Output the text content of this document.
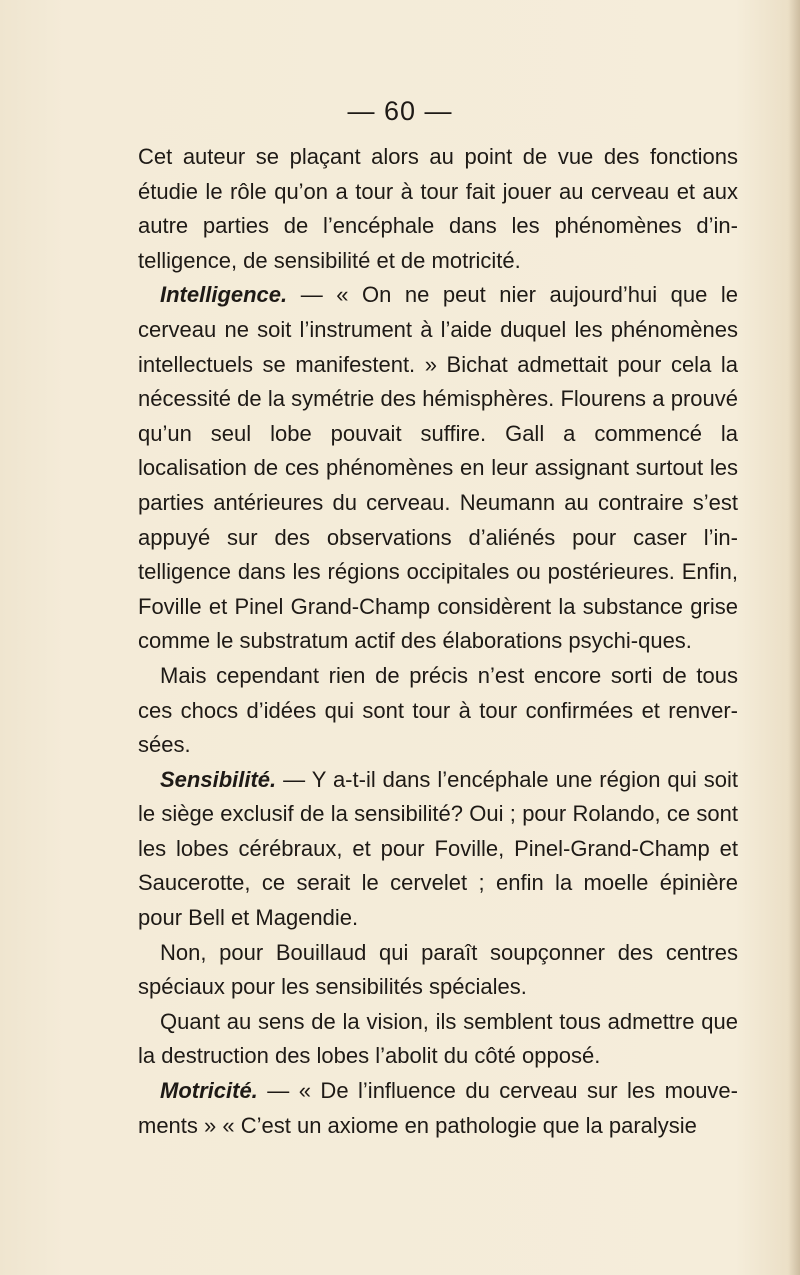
— 60 —

Cet auteur se plaçant alors au point de vue des fonctions étudie le rôle qu’on a tour à tour fait jouer au cerveau et aux autre parties de l’encéphale dans les phénomènes d’in-telligence, de sensibilité et de motricité.

Intelligence. — « On ne peut nier aujourd’hui que le cerveau ne soit l’instrument à l’aide duquel les phénomènes intellectuels se manifestent. » Bichat admettait pour cela la nécessité de la symétrie des hémisphères. Flourens a prouvé qu’un seul lobe pouvait suffire. Gall a commencé la localisation de ces phénomènes en leur assignant surtout les parties antérieures du cerveau. Neumann au contraire s’est appuyé sur des observations d’aliénés pour caser l’in-telligence dans les régions occipitales ou postérieures. Enfin, Foville et Pinel Grand-Champ considèrent la substance grise comme le substratum actif des élaborations psychi-ques.

Mais cependant rien de précis n’est encore sorti de tous ces chocs d’idées qui sont tour à tour confirmées et renver-sées.

Sensibilité. — Y a-t-il dans l’encéphale une région qui soit le siège exclusif de la sensibilité? Oui ; pour Rolando, ce sont les lobes cérébraux, et pour Foville, Pinel-Grand-Champ et Saucerotte, ce serait le cervelet ; enfin la moelle épinière pour Bell et Magendie.

Non, pour Bouillaud qui paraît soupçonner des centres spéciaux pour les sensibilités spéciales.

Quant au sens de la vision, ils semblent tous admettre que la destruction des lobes l’abolit du côté opposé.

Motricité. — « De l’influence du cerveau sur les mouve-ments » « C’est un axiome en pathologie que la paralysie
